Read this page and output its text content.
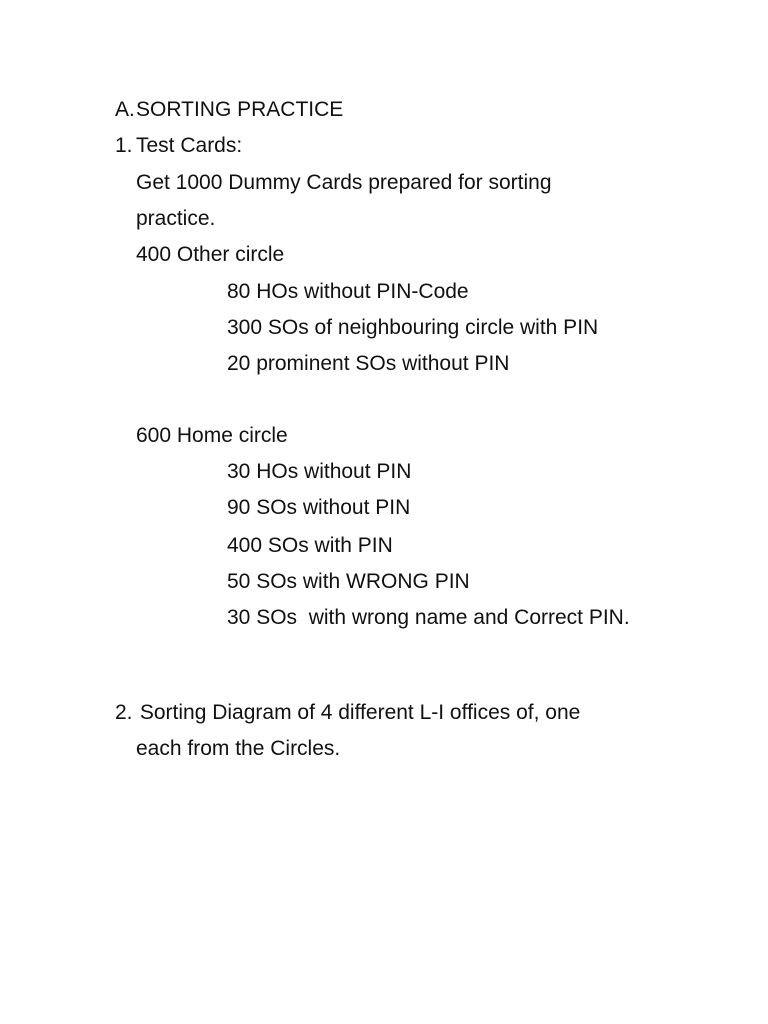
A. SORTING PRACTICE
1. Test Cards:
Get 1000 Dummy Cards prepared for sorting
practice.
400 Other circle
80 HOs without PIN-Code
300 SOs of neighbouring circle with PIN
20 prominent SOs without PIN
600 Home circle
30 HOs without PIN
90 SOs without PIN
400 SOs with PIN
50 SOs with WRONG PIN
30 SOs  with wrong name and Correct PIN.
2. Sorting Diagram of 4 different L-I offices of, one
each from the Circles.
